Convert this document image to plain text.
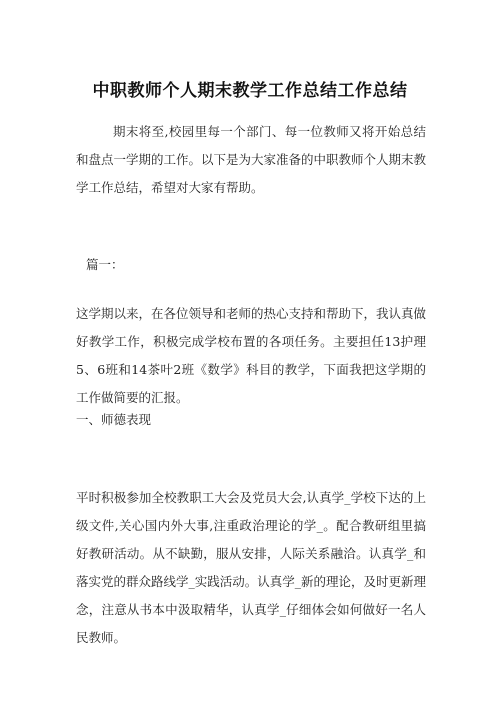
中职教师个人期末教学工作总结工作总结
期末将至,校园里每一个部门、每一位教师又将开始总结和盘点一学期的工作。以下是为大家准备的中职教师个人期末教学工作总结，希望对大家有帮助。
篇一：
这学期以来，在各位领导和老师的热心支持和帮助下，我认真做好教学工作，积极完成学校布置的各项任务。主要担任13护理5、6班和14茶叶2班《数学》科目的教学，下面我把这学期的工作做简要的汇报。
一、师德表现
平时积极参加全校教职工大会及党员大会,认真学_学校下达的上级文件,关心国内外大事,注重政治理论的学_。配合教研组里搞好教研活动。从不缺勤，服从安排，人际关系融洽。认真学_和落实党的群众路线学_实践活动。认真学_新的理论，及时更新理念，注意从书本中汲取精华，认真学_仔细体会如何做好一名人民教师。
